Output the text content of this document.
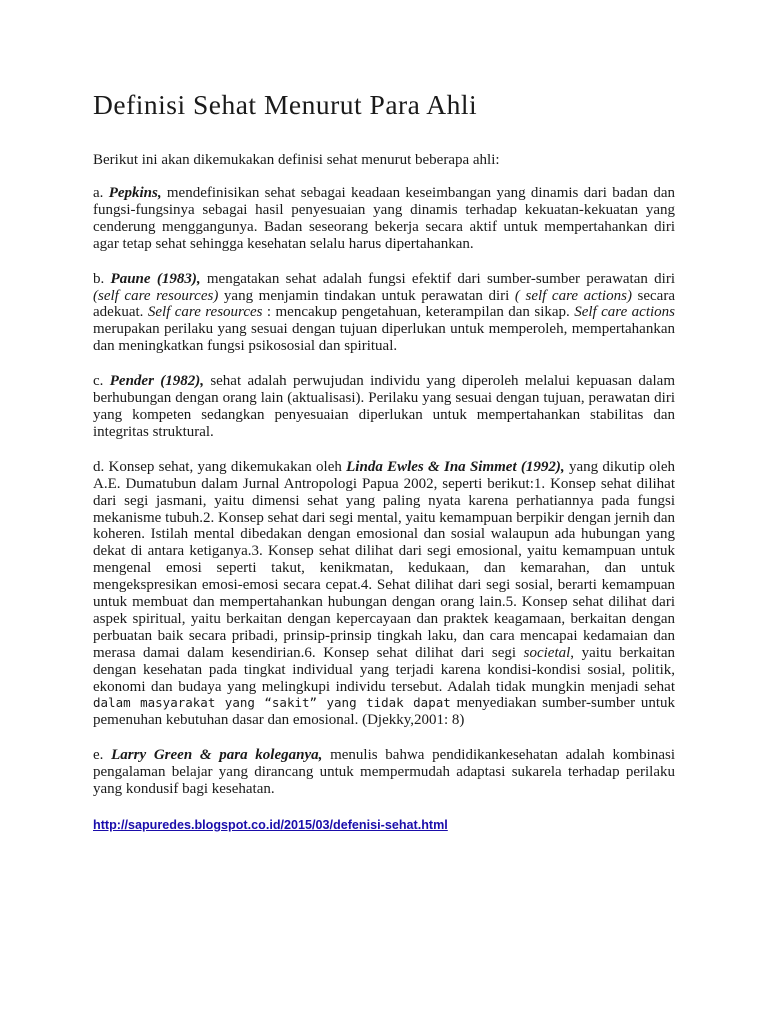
Definisi Sehat Menurut Para Ahli

Berikut ini akan dikemukakan definisi sehat menurut beberapa ahli:

a. Pepkins, mendefinisikan sehat sebagai keadaan keseimbangan yang dinamis dari badan dan fungsi-fungsinya sebagai hasil penyesuaian yang dinamis terhadap kekuatan-kekuatan yang cenderung menggangunya. Badan seseorang bekerja secara aktif untuk mempertahankan diri agar tetap sehat sehingga kesehatan selalu harus dipertahankan.

b. Paune (1983), mengatakan sehat adalah fungsi efektif dari sumber-sumber perawatan diri (self care resources) yang menjamin tindakan untuk perawatan diri ( self care actions) secara adekuat. Self care resources : mencakup pengetahuan, keterampilan dan sikap. Self care actions merupakan perilaku yang sesuai dengan tujuan diperlukan untuk memperoleh, mempertahankan dan meningkatkan fungsi psikososial dan spiritual.

c. Pender (1982), sehat adalah perwujudan individu yang diperoleh melalui kepuasan dalam berhubungan dengan orang lain (aktualisasi). Perilaku yang sesuai dengan tujuan, perawatan diri yang kompeten sedangkan penyesuaian diperlukan untuk mempertahankan stabilitas dan integritas struktural.

d. Konsep sehat, yang dikemukakan oleh Linda Ewles & Ina Simmet (1992), yang dikutip oleh A.E. Dumatubun dalam Jurnal Antropologi Papua 2002, seperti berikut:1. Konsep sehat dilihat dari segi jasmani, yaitu dimensi sehat yang paling nyata karena perhatiannya pada fungsi mekanisme tubuh.2. Konsep sehat dari segi mental, yaitu kemampuan berpikir dengan jernih dan koheren. Istilah mental dibedakan dengan emosional dan sosial walaupun ada hubungan yang dekat di antara ketiganya.3. Konsep sehat dilihat dari segi emosional, yaitu kemampuan untuk mengenal emosi seperti takut, kenikmatan, kedukaan, dan kemarahan, dan untuk mengekspresikan emosi-emosi secara cepat.4. Sehat dilihat dari segi sosial, berarti kemampuan untuk membuat dan mempertahankan hubungan dengan orang lain.5. Konsep sehat dilihat dari aspek spiritual, yaitu berkaitan dengan kepercayaan dan praktek keagamaan, berkaitan dengan perbuatan baik secara pribadi, prinsip-prinsip tingkah laku, dan cara mencapai kedamaian dan merasa damai dalam kesendirian.6. Konsep sehat dilihat dari segi societal, yaitu berkaitan dengan kesehatan pada tingkat individual yang terjadi karena kondisi-kondisi sosial, politik, ekonomi dan budaya yang melingkupi individu tersebut. Adalah tidak mungkin menjadi sehat dalam masyarakat yang “sakit” yang tidak dapat menyediakan sumber-sumber untuk pemenuhan kebutuhan dasar dan emosional. (Djekky,2001: 8)

e. Larry Green & para koleganya, menulis bahwa pendidikankesehatan adalah kombinasi pengalaman belajar yang dirancang untuk mempermudah adaptasi sukarela terhadap perilaku yang kondusif bagi kesehatan.

http://sapuredes.blogspot.co.id/2015/03/defenisi-sehat.html
